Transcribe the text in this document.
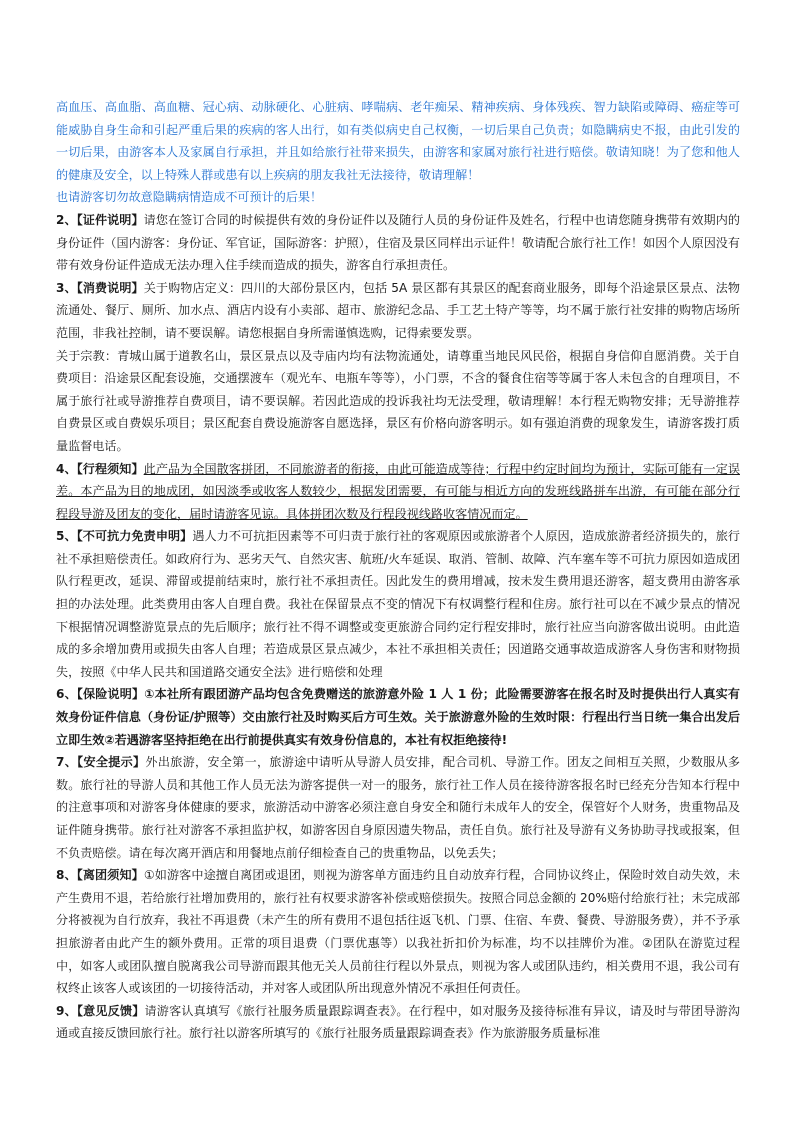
高血压、高血脂、高血糖、冠心病、动脉硬化、心脏病、哮喘病、老年痴呆、精神疾病、身体残疾、智力缺陷或障碍、癌症等可能威胁自身生命和引起严重后果的疾病的客人出行，如有类似病史自己权衡，一切后果自己负责；如隐瞒病史不报，由此引发的一切后果，由游客本人及家属自行承担，并且如给旅行社带来损失，由游客和家属对旅行社进行赔偿。敬请知晓！为了您和他人的健康及安全，以上特殊人群或患有以上疾病的朋友我社无法接待，敬请理解！
也请游客切勿故意隐瞒病情造成不可预计的后果！
2、【证件说明】请您在签订合同的时候提供有效的身份证件以及随行人员的身份证件及姓名，行程中也请您随身携带有效期内的身份证件（国内游客：身份证、军官证，国际游客：护照），住宿及景区同样出示证件！敬请配合旅行社工作！如因个人原因没有带有效身份证件造成无法办理入住手续而造成的损失，游客自行承担责任。

3、【消费说明】关于购物店定义：四川的大部份景区内，包括 5A 景区都有其景区的配套商业服务，即每个沿途景区景点、法物流通处、餐厅、厕所、加水点、酒店内设有小卖部、超市、旅游纪念品、手工艺土特产等等，均不属于旅行社安排的购物店场所范围，非我社控制，请不要误解。请您根据自身所需谨慎选购，记得索要发票。

关于宗教：青城山属于道教名山，景区景点以及寺庙内均有法物流通处，请尊重当地民风民俗，根据自身信仰自愿消费。关于自费项目：沿途景区配套设施，交通摆渡车（观光车、电瓶车等等），小门票，不含的餐食住宿等等属于客人未包含的自理项目，不属于旅行社或导游推荐自费项目，请不要误解。若因此造成的投诉我社均无法受理，敬请理解！本行程无购物安排；无导游推荐自费景区或自费娱乐项目；景区配套自费设施游客自愿选择，景区有价格向游客明示。如有强迫消费的现象发生，请游客拨打质量监督电话。

4、【行程须知】此产品为全国散客拼团，不同旅游者的衔接，由此可能造成等待；行程中约定时间均为预计，实际可能有一定误差。本产品为目的地成团，如因淡季或收客人数较少，根据发团需要，有可能与相近方向的发班线路拼车出游，有可能在部分行程段导游及团友的变化，届时请游客见谅。具体拼团次数及行程段视线路收客情况而定。
5、【不可抗力免责申明】遇人力不可抗拒因素等不可归责于旅行社的客观原因或旅游者个人原因，造成旅游者经济损失的，旅行社不承担赔偿责任。如政府行为、恶劣天气、自然灾害、航班/火车延误、取消、管制、故障、汽车塞车等不可抗力原因如造成团队行程更改，延误、滞留或提前结束时，旅行社不承担责任。因此发生的费用增减，按未发生费用退还游客，超支费用由游客承担的办法处理。此类费用由客人自理自费。我社在保留景点不变的情况下有权调整行程和住房。旅行社可以在不减少景点的情况下根据情况调整游览景点的先后顺序；旅行社不得不调整或变更旅游合同约定行程安排时，旅行社应当向游客做出说明。由此造成的多余增加费用或损失由客人自理；若造成景区景点减少，本社不承担相关责任；因道路交通事故造成游客人身伤害和财物损失，按照《中华人民共和国道路交通安全法》进行赔偿和处理
6、【保险说明】①本社所有跟团游产品均包含免费赠送的旅游意外险 1 人 1 份；此险需要游客在报名时及时提供出行人真实有效身份证件信息（身份证/护照等）交由旅行社及时购买后方可生效。关于旅游意外险的生效时限：行程出行当日统一集合出发后立即生效②若遇游客坚持拒绝在出行前提供真实有效身份信息的，本社有权拒绝接待!
7、【安全提示】外出旅游，安全第一，旅游途中请听从导游人员安排，配合司机、导游工作。团友之间相互关照，少数服从多数。旅行社的导游人员和其他工作人员无法为游客提供一对一的服务，旅行社工作人员在接待游客报名时已经充分告知本行程中的注意事项和对游客身体健康的要求，旅游活动中游客必须注意自身安全和随行未成年人的安全，保管好个人财务，贵重物品及证件随身携带。旅行社对游客不承担监护权，如游客因自身原因遗失物品，责任自负。旅行社及导游有义务协助寻找或报案，但不负责赔偿。请在每次离开酒店和用餐地点前仔细检查自己的贵重物品，以免丢失；
8、【离团须知】①如游客中途擅自离团或退团，则视为游客单方面违约且自动放弃行程，合同协议终止，保险时效自动失效，未产生费用不退，若给旅行社增加费用的，旅行社有权要求游客补偿或赔偿损失。按照合同总金额的 20%赔付给旅行社；未完成部分将被视为自行放弃，我社不再退费（未产生的所有费用不退包括往返飞机、门票、住宿、车费、餐费、导游服务费），并不予承担旅游者由此产生的额外费用。正常的项目退费（门票优惠等）以我社折扣价为标准，均不以挂牌价为准。②团队在游览过程中，如客人或团队擅自脱离我公司导游而跟其他无关人员前往行程以外景点，则视为客人或团队违约，相关费用不退，我公司有权终止该客人或该团的一切接待活动，并对客人或团队所出现意外情况不承担任何责任。
9、【意见反馈】请游客认真填写《旅行社服务质量跟踪调查表》。在行程中，如对服务及接待标准有异议，请及时与带团导游沟通或直接反馈回旅行社。旅行社以游客所填写的《旅行社服务质量跟踪调查表》作为旅游服务质量标准
